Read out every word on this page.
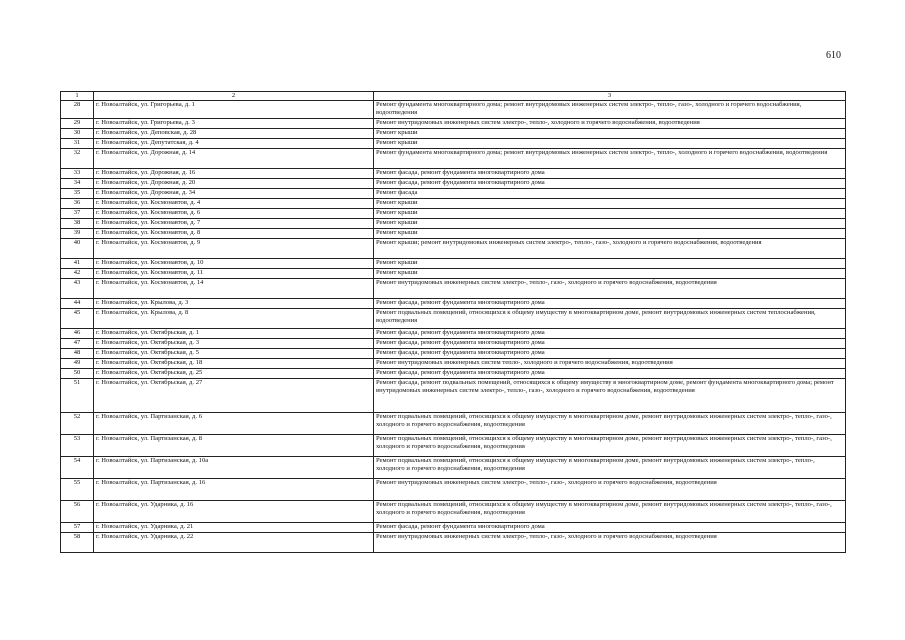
610
1	2	3
28	г. Новоалтайск, ул. Григорьева, д. 1	Ремонт фундамента многоквартирного дома; ремонт внутридомовых инженерных систем электро-, тепло-, газо-, холодного и горячего водоснабжения, водоотведения
29	г. Новоалтайск, ул. Григорьева, д. 3	Ремонт внутридомовых инженерных систем электро-, тепло-, холодного и горячего водоснабжения, водоотведения
30	г. Новоалтайск, ул. Деповская, д. 28	Ремонт крыши
31	г. Новоалтайск, ул. Депутатская, д. 4	Ремонт крыши
32	г. Новоалтайск, ул. Дорожная, д. 14	Ремонт фундамента многоквартирного дома; ремонт внутридомовых инженерных систем электро-, тепло-, холодного и горячего водоснабжения, водоотведения
33	г. Новоалтайск, ул. Дорожная, д. 16	Ремонт фасада, ремонт фундамента многоквартирного дома
34	г. Новоалтайск, ул. Дорожная, д. 20	Ремонт фасада, ремонт фундамента многоквартирного дома
35	г. Новоалтайск, ул. Дорожная, д. 34	Ремонт фасада
36	г. Новоалтайск, ул. Космонавтов, д. 4	Ремонт крыши
37	г. Новоалтайск, ул. Космонавтов, д. 6	Ремонт крыши
38	г. Новоалтайск, ул. Космонавтов, д. 7	Ремонт крыши
39	г. Новоалтайск, ул. Космонавтов, д. 8	Ремонт крыши
40	г. Новоалтайск, ул. Космонавтов, д. 9	Ремонт крыши; ремонт внутридомовых инженерных систем электро-, тепло-, газо-, холодного и горячего водоснабжения, водоотведения
41	г. Новоалтайск, ул. Космонавтов, д. 10	Ремонт крыши
42	г. Новоалтайск, ул. Космонавтов, д. 11	Ремонт крыши
43	г. Новоалтайск, ул. Космонавтов, д. 14	Ремонт внутридомовых инженерных систем электро-, тепло-, газо-, холодного и горячего водоснабжения, водоотведения
44	г. Новоалтайск, ул. Крылова, д. 3	Ремонт фасада, ремонт фундамента многоквартирного дома
45	г. Новоалтайск, ул. Крылова, д. 8	Ремонт подвальных помещений, относящихся к общему имуществу в многоквартирном доме, ремонт внутридомовых инженерных систем теплоснабжения, водоотведения
46	г. Новоалтайск, ул. Октябрьская, д. 1	Ремонт фасада, ремонт фундамента многоквартирного дома
47	г. Новоалтайск, ул. Октябрьская, д. 3	Ремонт фасада, ремонт фундамента многоквартирного дома
48	г. Новоалтайск, ул. Октябрьская, д. 5	Ремонт фасада, ремонт фундамента многоквартирного дома
49	г. Новоалтайск, ул. Октябрьская, д. 18	Ремонт внутридомовых инженерных систем тепло-, холодного и горячего водоснабжения, водоотведения
50	г. Новоалтайск, ул. Октябрьская, д. 25	Ремонт фасада, ремонт фундамента многоквартирного дома
51	г. Новоалтайск, ул. Октябрьская, д. 27	Ремонт фасада, ремонт подвальных помещений, относящихся к общему имуществу в многоквартирном доме, ремонт фундамента многоквартирного дома; ремонт внутридомовых инженерных систем электро-, тепло-, газо-, холодного и горячего водоснабжения, водоотведения
52	г. Новоалтайск, ул. Партизанская, д. 6	Ремонт подвальных помещений, относящихся к общему имуществу в многоквартирном доме, ремонт внутридомовых инженерных систем электро-, тепло-, газо-, холодного и горячего водоснабжения, водоотведения
53	г. Новоалтайск, ул. Партизанская, д. 8	Ремонт подвальных помещений, относящихся к общему имуществу в многоквартирном доме, ремонт внутридомовых инженерных систем электро-, тепло-, газо-, холодного и горячего водоснабжения, водоотведения
54	г. Новоалтайск, ул. Партизанская, д. 10а	Ремонт подвальных помещений, относящихся к общему имуществу в многоквартирном доме, ремонт внутридомовых инженерных систем электро-, тепло-, холодного и горячего водоснабжения, водоотведения
55	г. Новоалтайск, ул. Партизанская, д. 16	Ремонт внутридомовых инженерных систем электро-, тепло-, газо-, холодного и горячего водоснабжения, водоотведения
56	г. Новоалтайск, ул. Ударника, д. 16	Ремонт подвальных помещений, относящихся к общему имуществу в многоквартирном доме, ремонт внутридомовых инженерных систем электро-, тепло-, газо-, холодного и горячего водоснабжения, водоотведения
57	г. Новоалтайск, ул. Ударника, д. 21	Ремонт фасада, ремонт фундамента многоквартирного дома
58	г. Новоалтайск, ул. Ударника, д. 22	Ремонт внутридомовых инженерных систем электро-, тепло-, газо-, холодного и горячего водоснабжения, водоотведения
